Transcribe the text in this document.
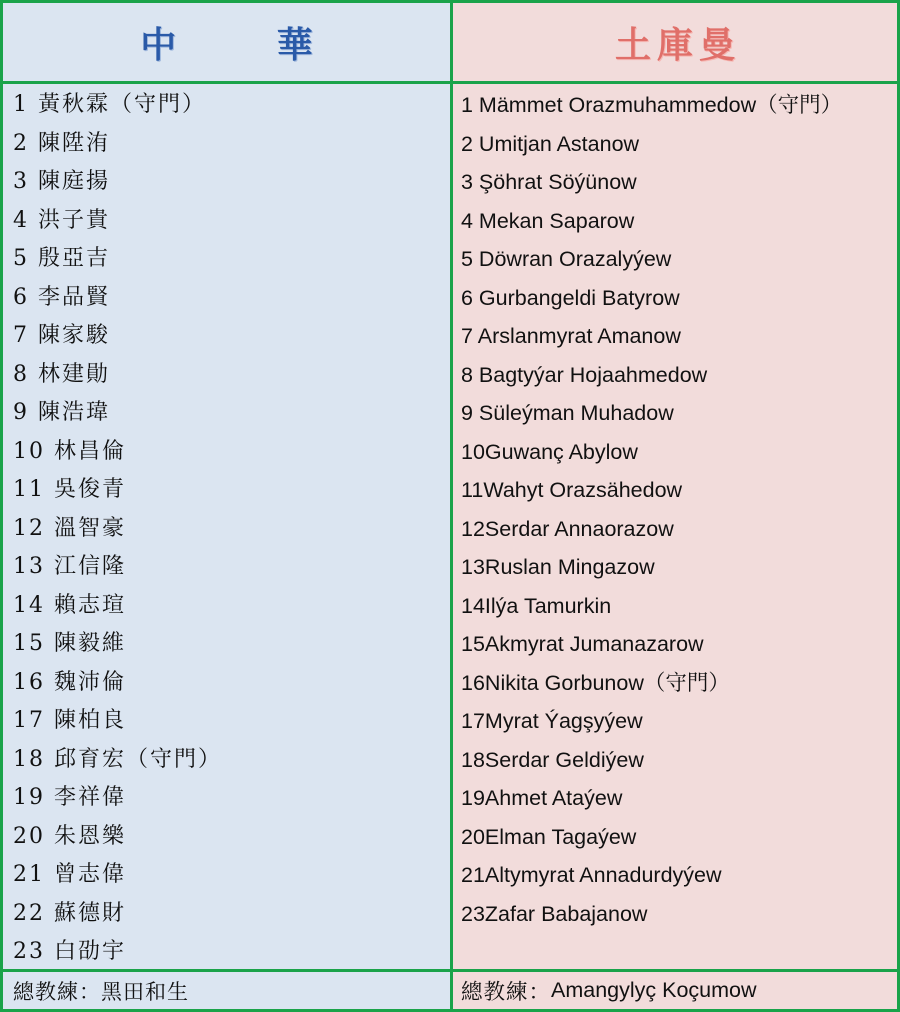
中 華	土庫曼
1 黃秋霖（守門）
2 陳陞洧
3 陳庭揚
4 洪子貴
5 殷亞吉
6 李品賢
7 陳家駿
8 林建勛
9 陳浩瑋
10 林昌倫
11 吳俊青
12 溫智豪
13 江信隆
14 賴志瑄
15 陳毅維
16 魏沛倫
17 陳柏良
18 邱育宏（守門）
19 李祥偉
20 朱恩樂
21 曾志偉
22 蘇德財
23 白劭宇
1 Mämmet Orazmuhammedow（守門）
2 Umitjan Astanow
3 Şöhrat Söýünow
4 Mekan Saparow
5 Döwran Orazalyýew
6 Gurbangeldi Batyrow
7 Arslanmyrat Amanow
8 Bagtyýar Hojaahmedow
9 Süleýman Muhadow
10Guwanç Abylow
11Wahyt Orazsähedow
12Serdar Annaorazow
13Ruslan Mingazow
14Ilýa Tamurkin
15Akmyrat Jumanazarow
16Nikita Gorbunow（守門）
17Myrat Ýagşyýew
18Serdar Geldiýew
19Ahmet Ataýew
20Elman Tagaýew
21Altymyrat Annadurdyýew
23Zafar Babajanow
總教練： 黑田和生	總教練： Amangylyç Koçumow
